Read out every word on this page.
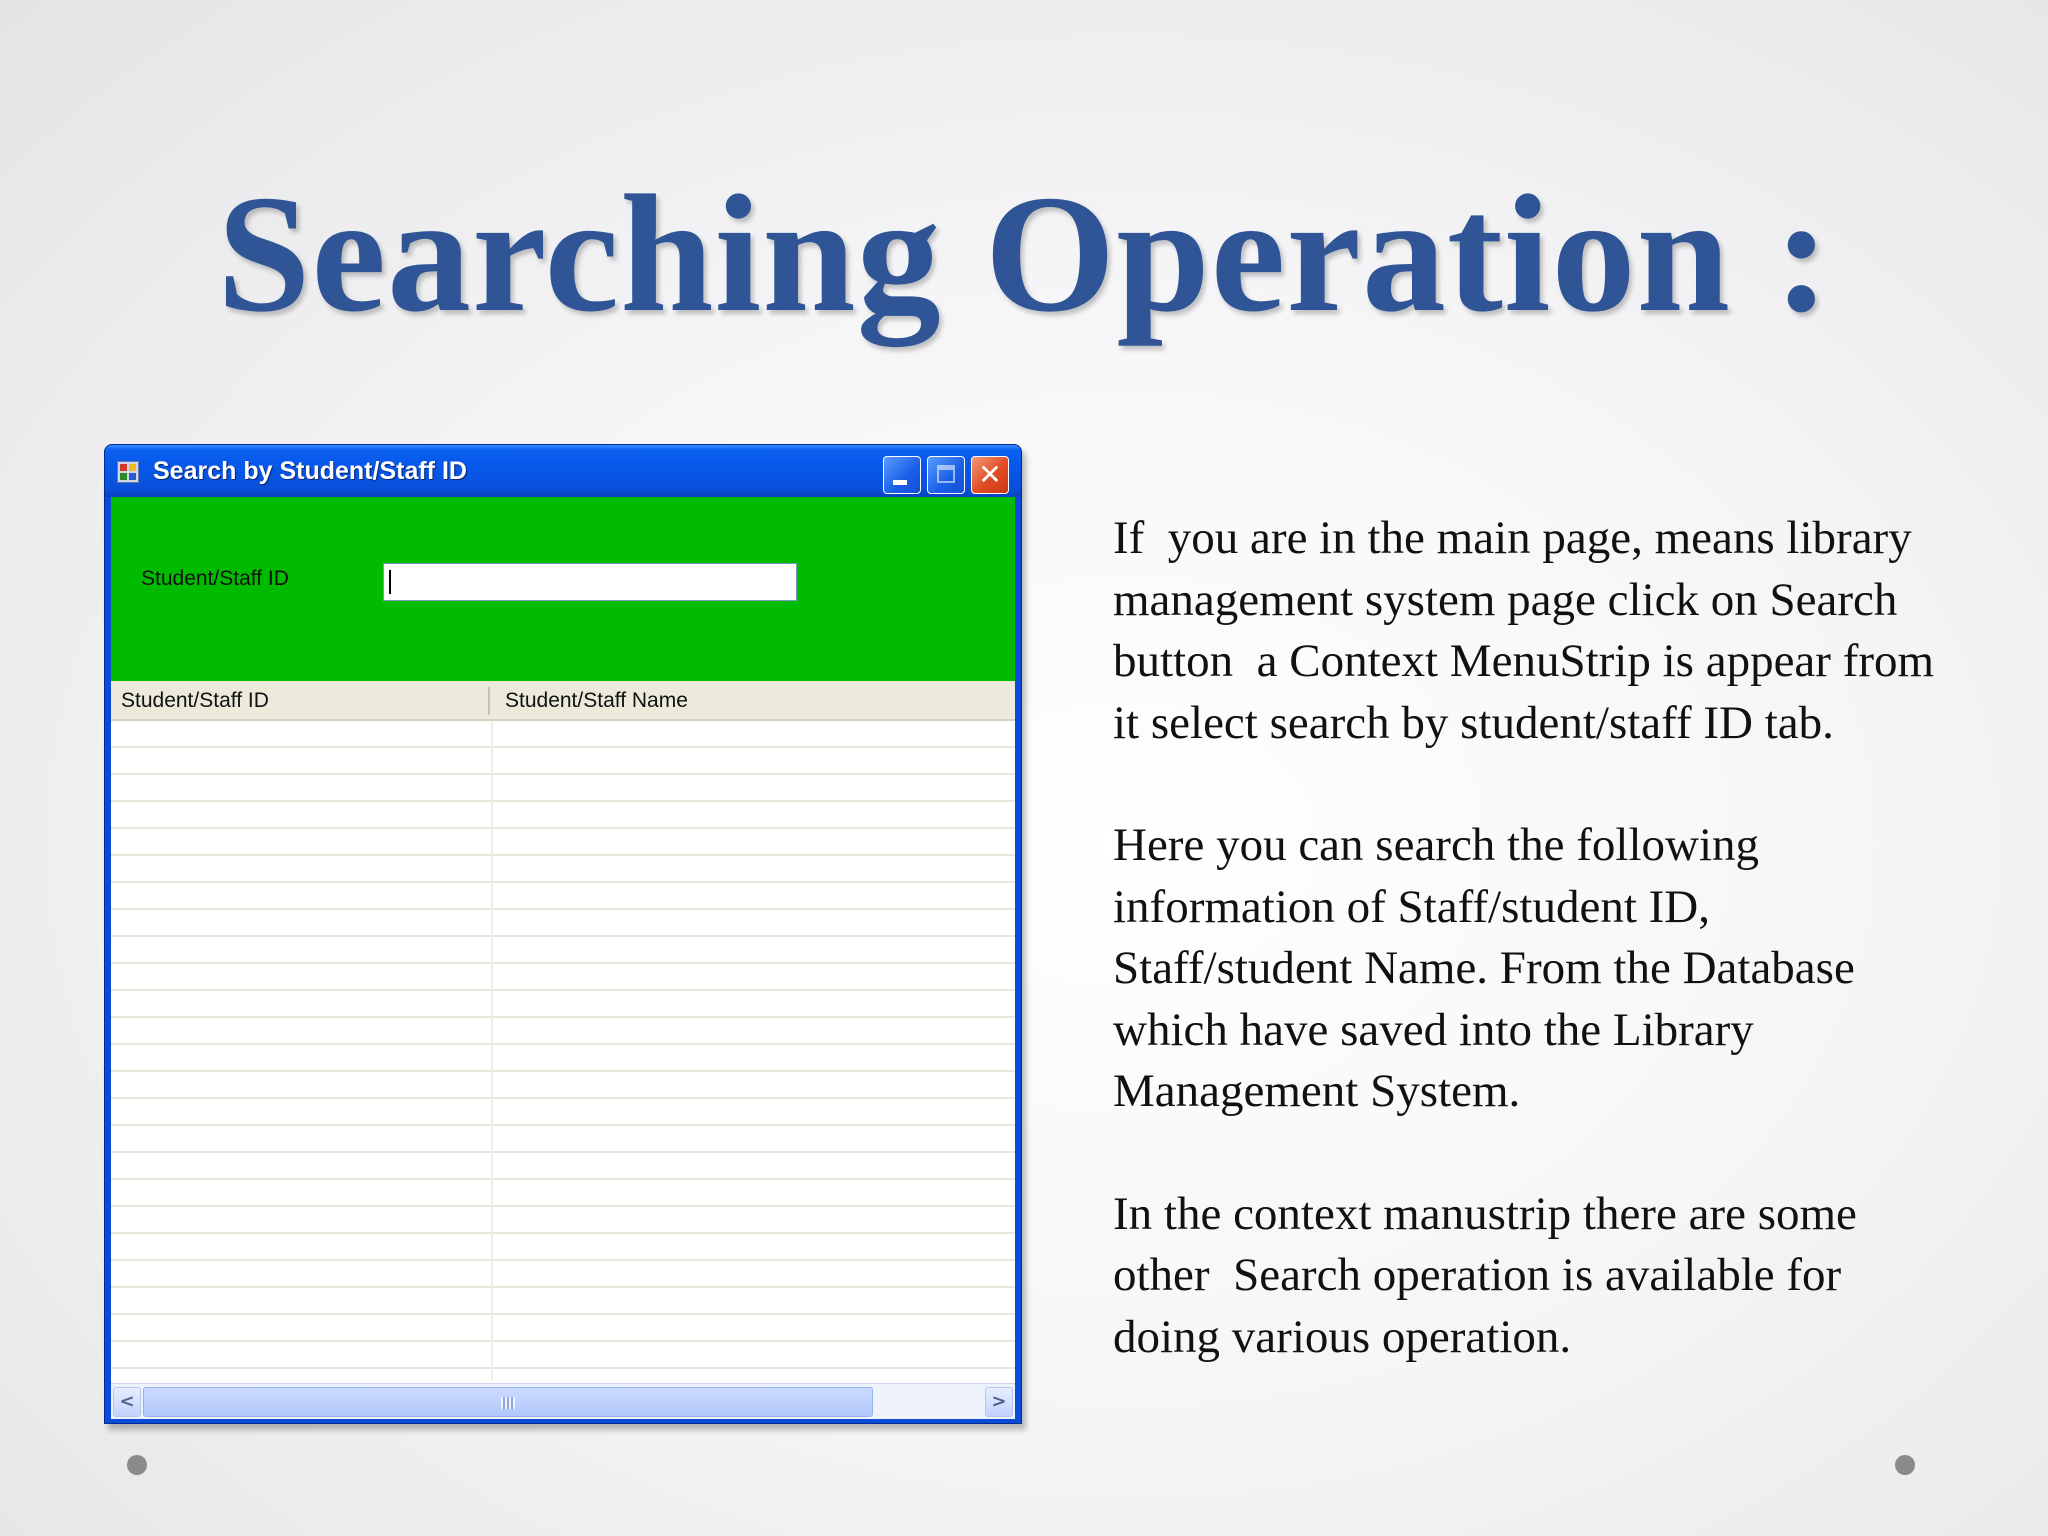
Searching Operation :
Search by Student/Staff ID	✕
Student/Staff ID
Student/Staff ID	Student/Staff Name
<	>

If  you are in the main page, means library management system page click on Search button  a Context MenuStrip is appear from it select search by student/staff ID tab.

Here you can search the following information of Staff/student ID, Staff/student Name. From the Database which have saved into the Library Management System.

In the context manustrip there are some other  Search operation is available for doing various operation.
